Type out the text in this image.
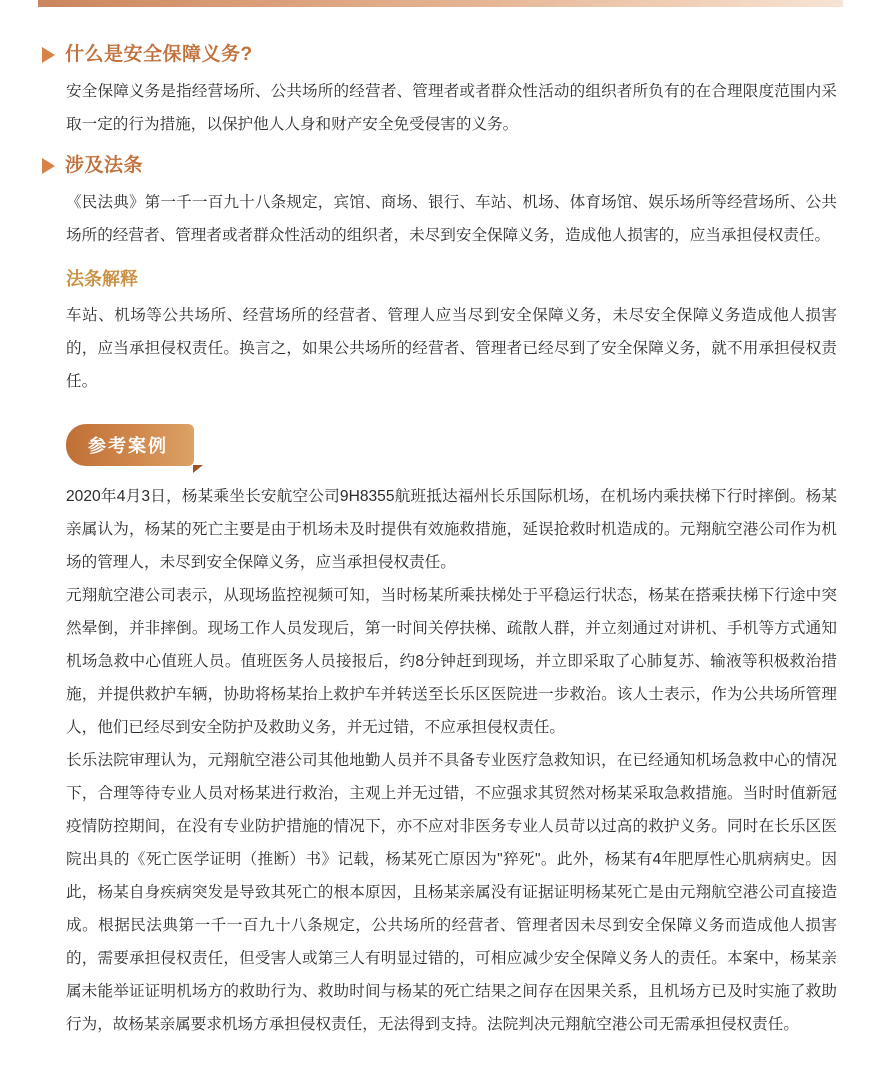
什么是安全保障义务?

安全保障义务是指经营场所、公共场所的经营者、管理者或者群众性活动的组织者所负有的在合理限度范围内采取一定的行为措施，以保护他人人身和财产安全免受侵害的义务。

涉及法条

《民法典》第一千一百九十八条规定，宾馆、商场、银行、车站、机场、体育场馆、娱乐场所等经营场所、公共场所的经营者、管理者或者群众性活动的组织者，未尽到安全保障义务，造成他人损害的，应当承担侵权责任。

法条解释

车站、机场等公共场所、经营场所的经营者、管理人应当尽到安全保障义务，未尽安全保障义务造成他人损害的，应当承担侵权责任。换言之，如果公共场所的经营者、管理者已经尽到了安全保障义务，就不用承担侵权责任。

参考案例

2020年4月3日，杨某乘坐长安航空公司9H8355航班抵达福州长乐国际机场，在机场内乘扶梯下行时摔倒。杨某亲属认为，杨某的死亡主要是由于机场未及时提供有效施救措施，延误抢救时机造成的。元翔航空港公司作为机场的管理人，未尽到安全保障义务，应当承担侵权责任。

元翔航空港公司表示，从现场监控视频可知，当时杨某所乘扶梯处于平稳运行状态，杨某在搭乘扶梯下行途中突然晕倒，并非摔倒。现场工作人员发现后，第一时间关停扶梯、疏散人群，并立刻通过对讲机、手机等方式通知机场急救中心值班人员。值班医务人员接报后，约8分钟赶到现场，并立即采取了心肺复苏、输液等积极救治措施，并提供救护车辆，协助将杨某抬上救护车并转送至长乐区医院进一步救治。该人士表示，作为公共场所管理人，他们已经尽到安全防护及救助义务，并无过错，不应承担侵权责任。

长乐法院审理认为，元翔航空港公司其他地勤人员并不具备专业医疗急救知识，在已经通知机场急救中心的情况下，合理等待专业人员对杨某进行救治，主观上并无过错，不应强求其贸然对杨某采取急救措施。当时时值新冠疫情防控期间，在没有专业防护措施的情况下，亦不应对非医务专业人员苛以过高的救护义务。同时在长乐区医院出具的《死亡医学证明（推断）书》记载，杨某死亡原因为"猝死"。此外，杨某有4年肥厚性心肌病病史。因此，杨某自身疾病突发是导致其死亡的根本原因，且杨某亲属没有证据证明杨某死亡是由元翔航空港公司直接造成。根据民法典第一千一百九十八条规定，公共场所的经营者、管理者因未尽到安全保障义务而造成他人损害的，需要承担侵权责任，但受害人或第三人有明显过错的，可相应减少安全保障义务人的责任。本案中，杨某亲属未能举证证明机场方的救助行为、救助时间与杨某的死亡结果之间存在因果关系，且机场方已及时实施了救助行为，故杨某亲属要求机场方承担侵权责任，无法得到支持。法院判决元翔航空港公司无需承担侵权责任。
